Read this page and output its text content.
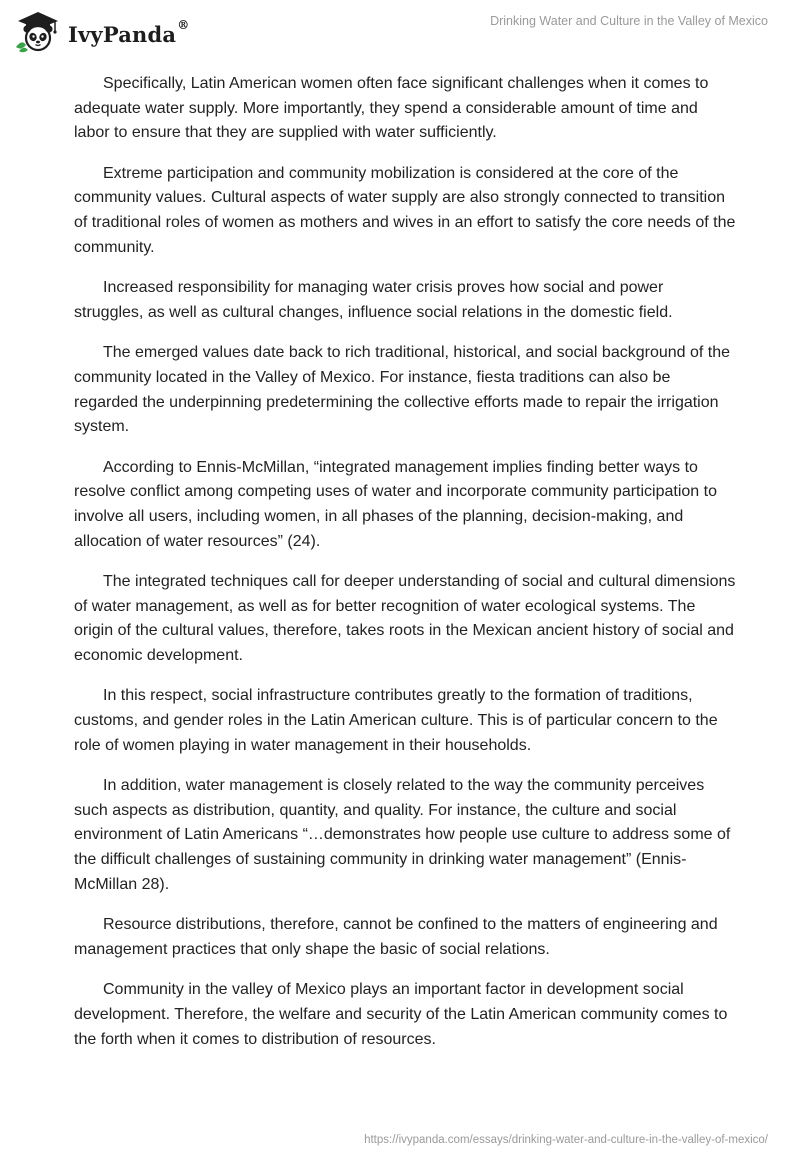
IvyPanda®	Drinking Water and Culture in the Valley of Mexico

Specifically, Latin American women often face significant challenges when it comes to adequate water supply. More importantly, they spend a considerable amount of time and labor to ensure that they are supplied with water sufficiently.

Extreme participation and community mobilization is considered at the core of the community values. Cultural aspects of water supply are also strongly connected to transition of traditional roles of women as mothers and wives in an effort to satisfy the core needs of the community.

Increased responsibility for managing water crisis proves how social and power struggles, as well as cultural changes, influence social relations in the domestic field.

The emerged values date back to rich traditional, historical, and social background of the community located in the Valley of Mexico. For instance, fiesta traditions can also be regarded the underpinning predetermining the collective efforts made to repair the irrigation system.

According to Ennis-McMillan, “integrated management implies finding better ways to resolve conflict among competing uses of water and incorporate community participation to involve all users, including women, in all phases of the planning, decision-making, and allocation of water resources” (24).

The integrated techniques call for deeper understanding of social and cultural dimensions of water management, as well as for better recognition of water ecological systems. The origin of the cultural values, therefore, takes roots in the Mexican ancient history of social and economic development.

In this respect, social infrastructure contributes greatly to the formation of traditions, customs, and gender roles in the Latin American culture. This is of particular concern to the role of women playing in water management in their households.

In addition, water management is closely related to the way the community perceives such aspects as distribution, quantity, and quality. For instance, the culture and social environment of Latin Americans “…demonstrates how people use culture to address some of the difficult challenges of sustaining community in drinking water management” (Ennis-McMillan 28).

Resource distributions, therefore, cannot be confined to the matters of engineering and management practices that only shape the basic of social relations.

Community in the valley of Mexico plays an important factor in development social development. Therefore, the welfare and security of the Latin American community comes to the forth when it comes to distribution of resources.

https://ivypanda.com/essays/drinking-water-and-culture-in-the-valley-of-mexico/
